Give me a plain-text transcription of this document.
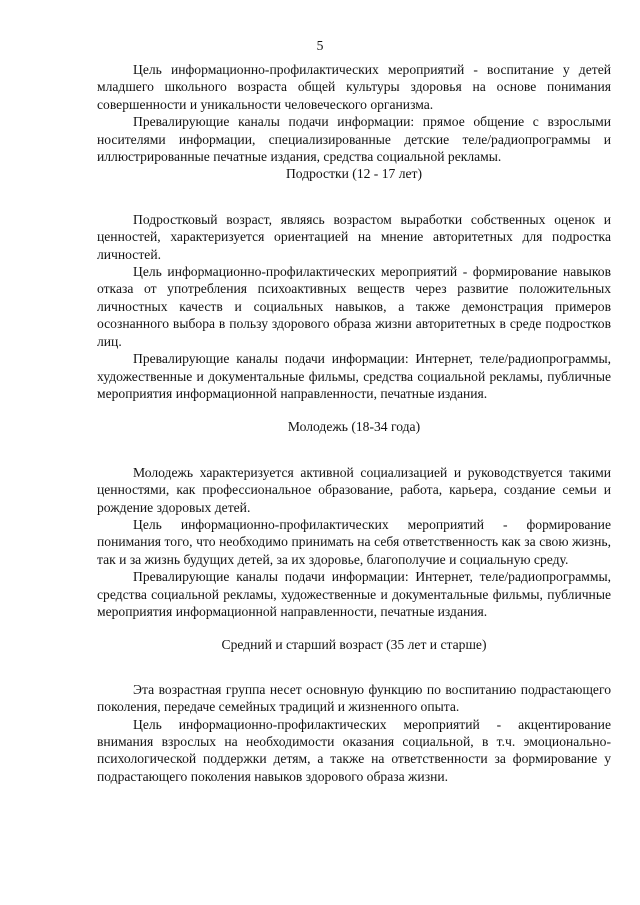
5

Цель информационно-профилактических мероприятий - воспитание у детей младшего школьного возраста общей культуры здоровья на основе понимания совершенности и уникальности человеческого организма.

Превалирующие каналы подачи информации: прямое общение с взрослыми носителями информации, специализированные детские теле/радиопрограммы и иллюстрированные печатные издания, средства социальной рекламы.

Подростки (12 - 17 лет)

Подростковый возраст, являясь возрастом выработки собственных оценок и ценностей, характеризуется ориентацией на мнение авторитетных для подростка личностей.

Цель информационно-профилактических мероприятий - формирование навыков отказа от употребления психоактивных веществ через развитие положительных личностных качеств и социальных навыков, а также демонстрация примеров осознанного выбора в пользу здорового образа жизни авторитетных в среде подростков лиц.

Превалирующие каналы подачи информации: Интернет, теле/радиопрограммы, художественные и документальные фильмы, средства социальной рекламы, публичные мероприятия информационной направленности, печатные издания.

Молодежь (18-34 года)

Молодежь характеризуется активной социализацией и руководствуется такими ценностями, как профессиональное образование, работа, карьера, создание семьи и рождение здоровых детей.

Цель информационно-профилактических мероприятий - формирование понимания того, что необходимо принимать на себя ответственность как за свою жизнь, так и за жизнь будущих детей, за их здоровье, благополучие и социальную среду.

Превалирующие каналы подачи информации: Интернет, теле/радиопрограммы, средства социальной рекламы, художественные и документальные фильмы, публичные мероприятия информационной направленности, печатные издания.

Средний и старший возраст (35 лет и старше)

Эта возрастная группа несет основную функцию по воспитанию подрастающего поколения, передаче семейных традиций и жизненного опыта.

Цель информационно-профилактических мероприятий - акцентирование внимания взрослых на необходимости оказания социальной, в т.ч. эмоционально-психологической поддержки детям, а также на ответственности за формирование у подрастающего поколения навыков здорового образа жизни.
